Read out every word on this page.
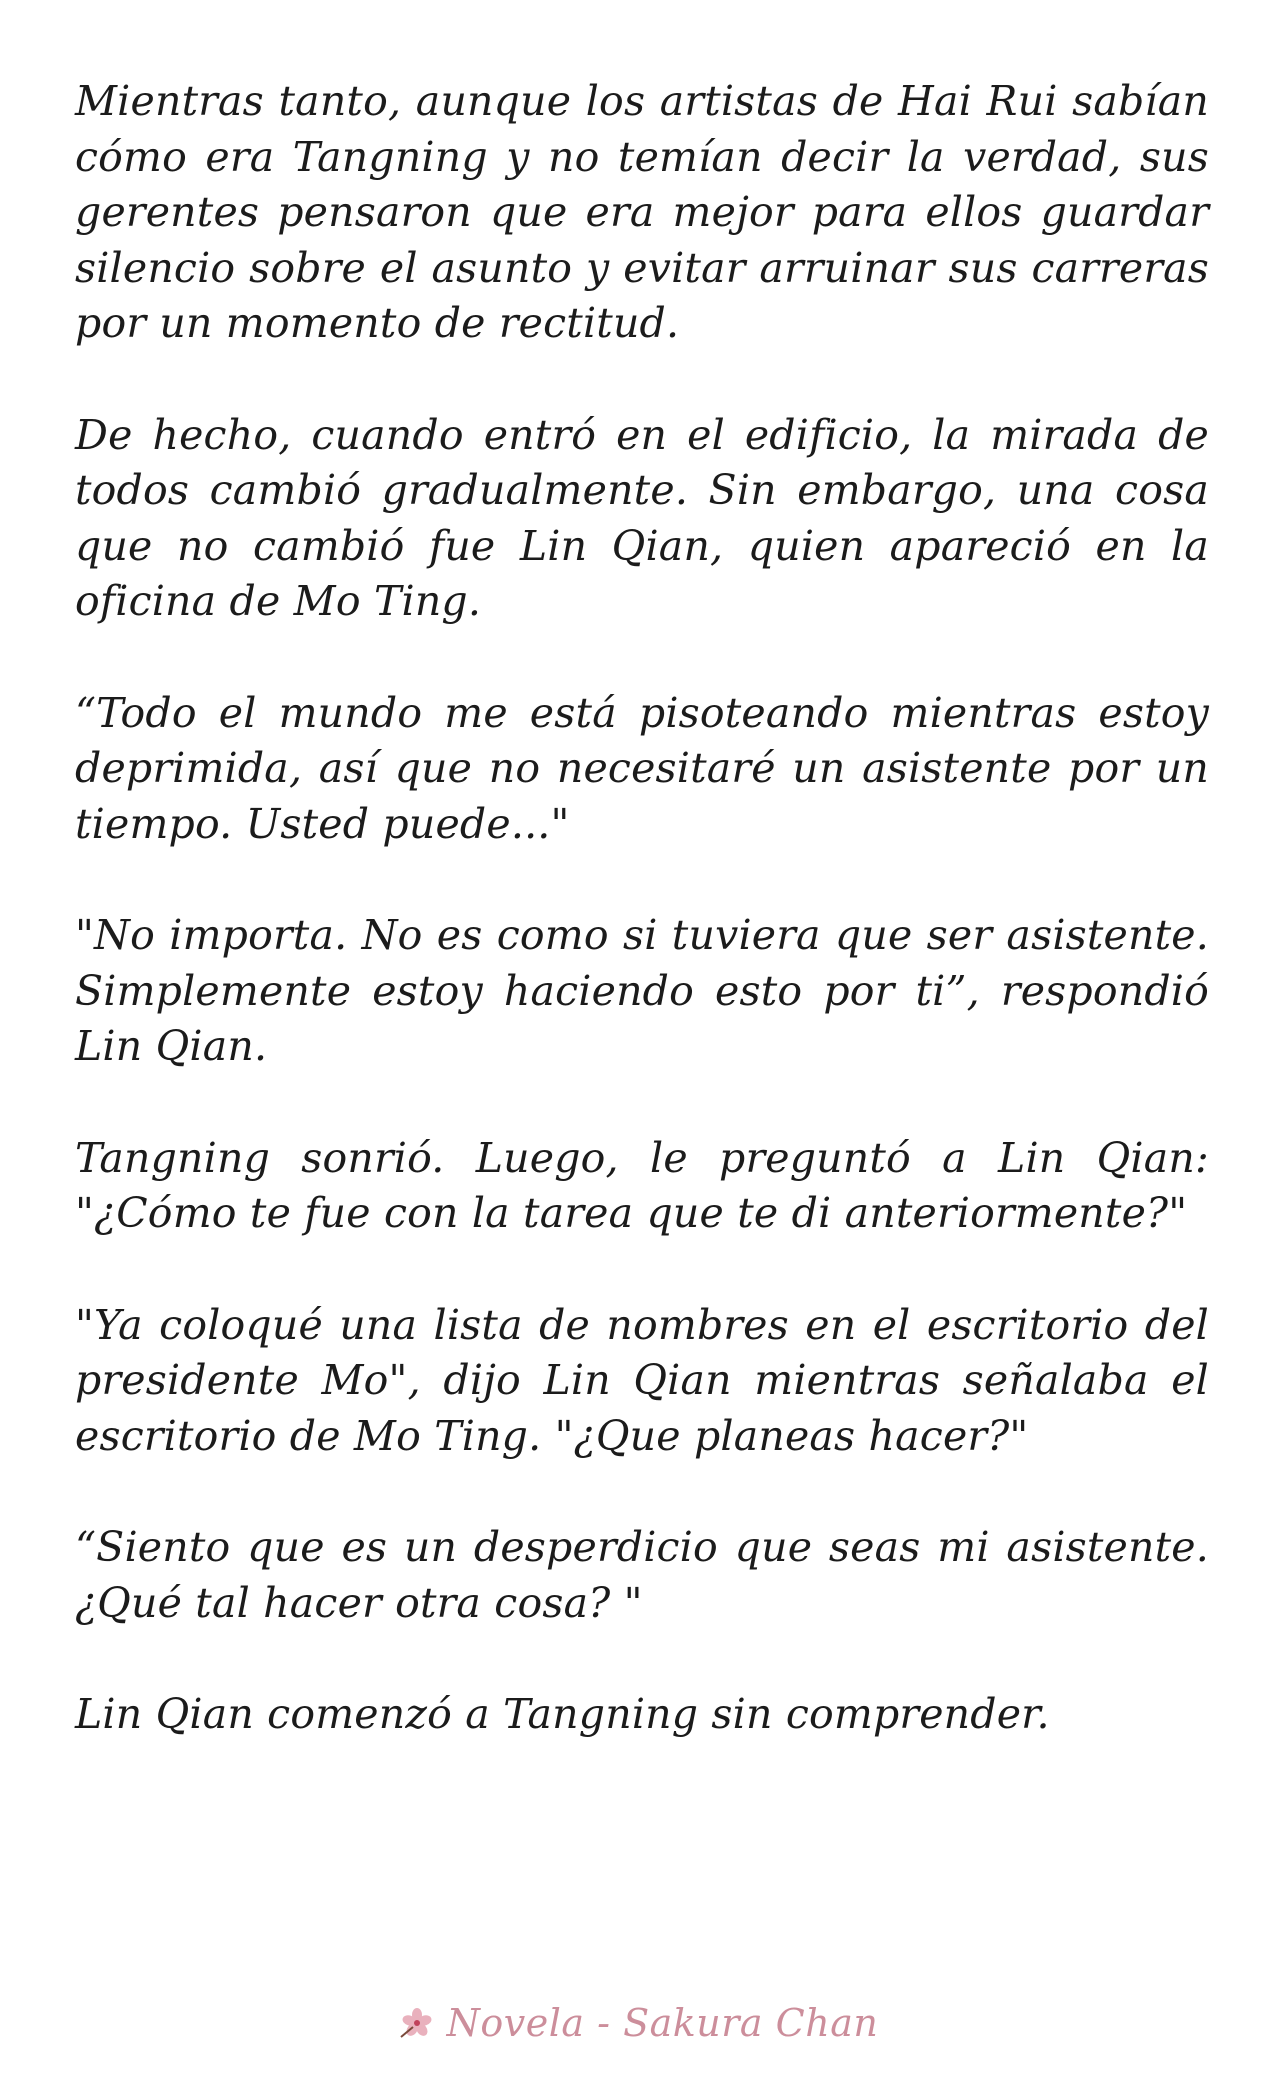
Mientras tanto, aunque los artistas de Hai Rui sabían cómo era Tangning y no temían decir la verdad, sus gerentes pensaron que era mejor para ellos guardar silencio sobre el asunto y evitar arruinar sus carreras por un momento de rectitud.

De hecho, cuando entró en el edificio, la mirada de todos cambió gradualmente. Sin embargo, una cosa que no cambió fue Lin Qian, quien apareció en la oficina de Mo Ting.

“Todo el mundo me está pisoteando mientras estoy deprimida, así que no necesitaré un asistente por un tiempo. Usted puede..."

"No importa. No es como si tuviera que ser asistente. Simplemente estoy haciendo esto por ti”, respondió Lin Qian.

Tangning sonrió. Luego, le preguntó a Lin Qian: "¿Cómo te fue con la tarea que te di anteriormente?"

"Ya coloqué una lista de nombres en el escritorio del presidente Mo", dijo Lin Qian mientras señalaba el escritorio de Mo Ting. "¿Que planeas hacer?"

“Siento que es un desperdicio que seas mi asistente. ¿Qué tal hacer otra cosa? "

Lin Qian comenzó a Tangning sin comprender.

Novela - Sakura Chan
